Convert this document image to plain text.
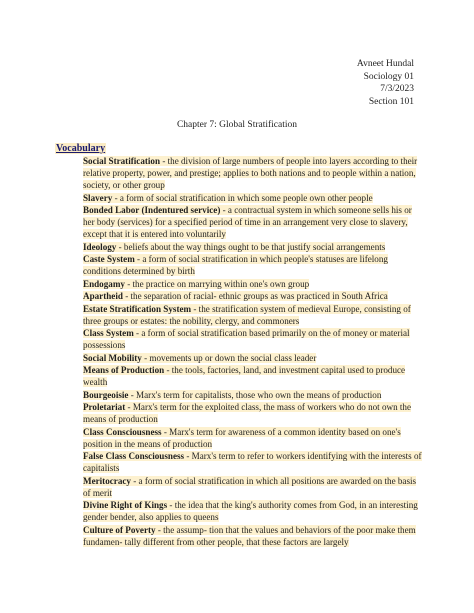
Avneet Hundal
Sociology 01
7/3/2023
Section 101
Chapter 7: Global Stratification
Vocabulary
Social Stratification - the division of large numbers of people into layers according to their relative property, power, and prestige; applies to both nations and to people within a nation, society, or other group
Slavery - a form of social stratification in which some people own other people
Bonded Labor (Indentured service) - a contractual system in which someone sells his or her body (services) for a specified period of time in an arrangement very close to slavery, except that it is entered into voluntarily
Ideology - beliefs about the way things ought to be that justify social arrangements
Caste System - a form of social stratification in which people's statuses are lifelong conditions determined by birth
Endogamy - the practice on marrying within one's own group
Apartheid - the separation of racial- ethnic groups as was practiced in South Africa
Estate Stratification System - the stratification system of medieval Europe, consisting of three groups or estates: the nobility, clergy, and commoners
Class System - a form of social stratification based primarily on the of money or material possessions
Social Mobility - movements up or down the social class leader
Means of Production - the tools, factories, land, and investment capital used to produce wealth
Bourgeoisie - Marx's term for capitalists, those who own the means of production
Proletariat - Marx's term for the exploited class, the mass of workers who do not own the means of production
Class Consciousness - Marx's term for awareness of a common identity based on one's position in the means of production
False Class Consciousness - Marx's term to refer to workers identifying with the interests of capitalists
Meritocracy - a form of social stratification in which all positions are awarded on the basis of merit
Divine Right of Kings - the idea that the king's authority comes from God, in an interesting gender bender, also applies to queens
Culture of Poverty - the assump- tion that the values and behaviors of the poor make them fundamen- tally different from other people, that these factors are largely
